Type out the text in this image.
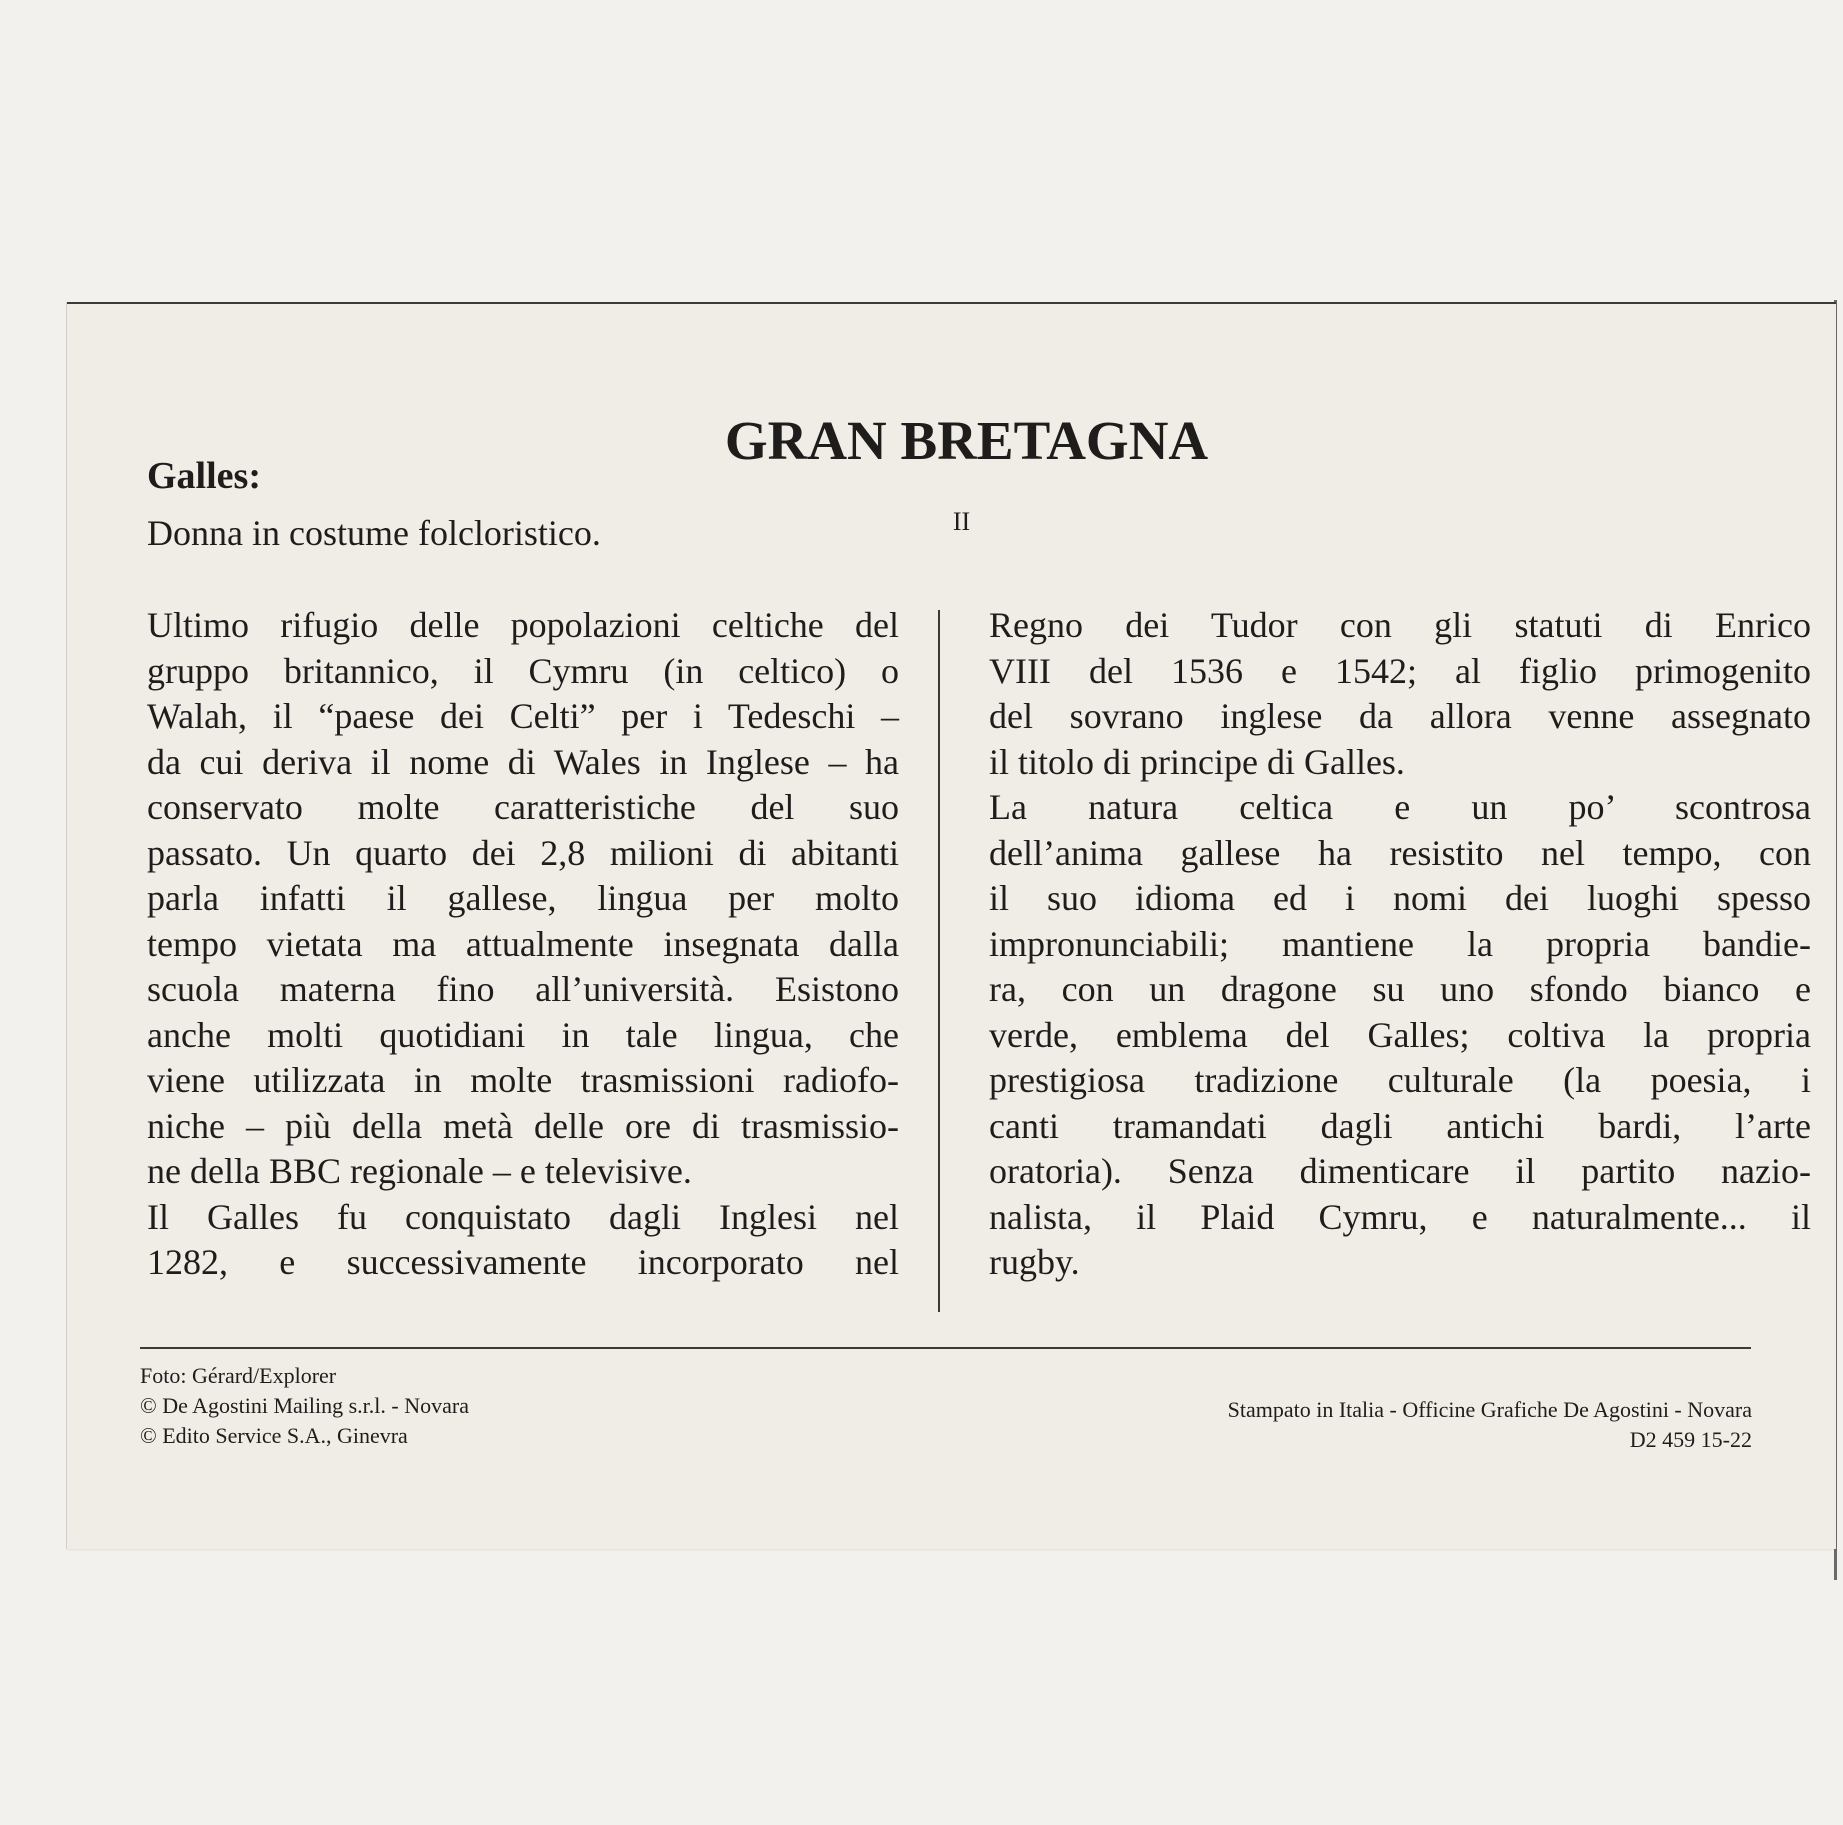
GRAN BRETAGNA
II
Galles:
Donna in costume folcloristico.
Ultimo rifugio delle popolazioni celtiche del
gruppo britannico, il Cymru (in celtico) o
Walah, il “paese dei Celti” per i Tedeschi –
da cui deriva il nome di Wales in Inglese – ha
conservato molte caratteristiche del suo
passato. Un quarto dei 2,8 milioni di abitanti
parla infatti il gallese, lingua per molto
tempo vietata ma attualmente insegnata dalla
scuola materna fino all’università. Esistono
anche molti quotidiani in tale lingua, che
viene utilizzata in molte trasmissioni radiofo-
niche – più della metà delle ore di trasmissio-
ne della BBC regionale – e televisive.
Il Galles fu conquistato dagli Inglesi nel
1282, e successivamente incorporato nel
Regno dei Tudor con gli statuti di Enrico
VIII del 1536 e 1542; al figlio primogenito
del sovrano inglese da allora venne assegnato
il titolo di principe di Galles.
La natura celtica e un po’ scontrosa
dell’anima gallese ha resistito nel tempo, con
il suo idioma ed i nomi dei luoghi spesso
impronunciabili; mantiene la propria bandie-
ra, con un dragone su uno sfondo bianco e
verde, emblema del Galles; coltiva la propria
prestigiosa tradizione culturale (la poesia, i
canti tramandati dagli antichi bardi, l’arte
oratoria). Senza dimenticare il partito nazio-
nalista, il Plaid Cymru, e naturalmente... il
rugby.
Foto: Gérard/Explorer
© De Agostini Mailing s.r.l. - Novara
© Edito Service S.A., Ginevra
Stampato in Italia - Officine Grafiche De Agostini - Novara
D2 459 15-22
